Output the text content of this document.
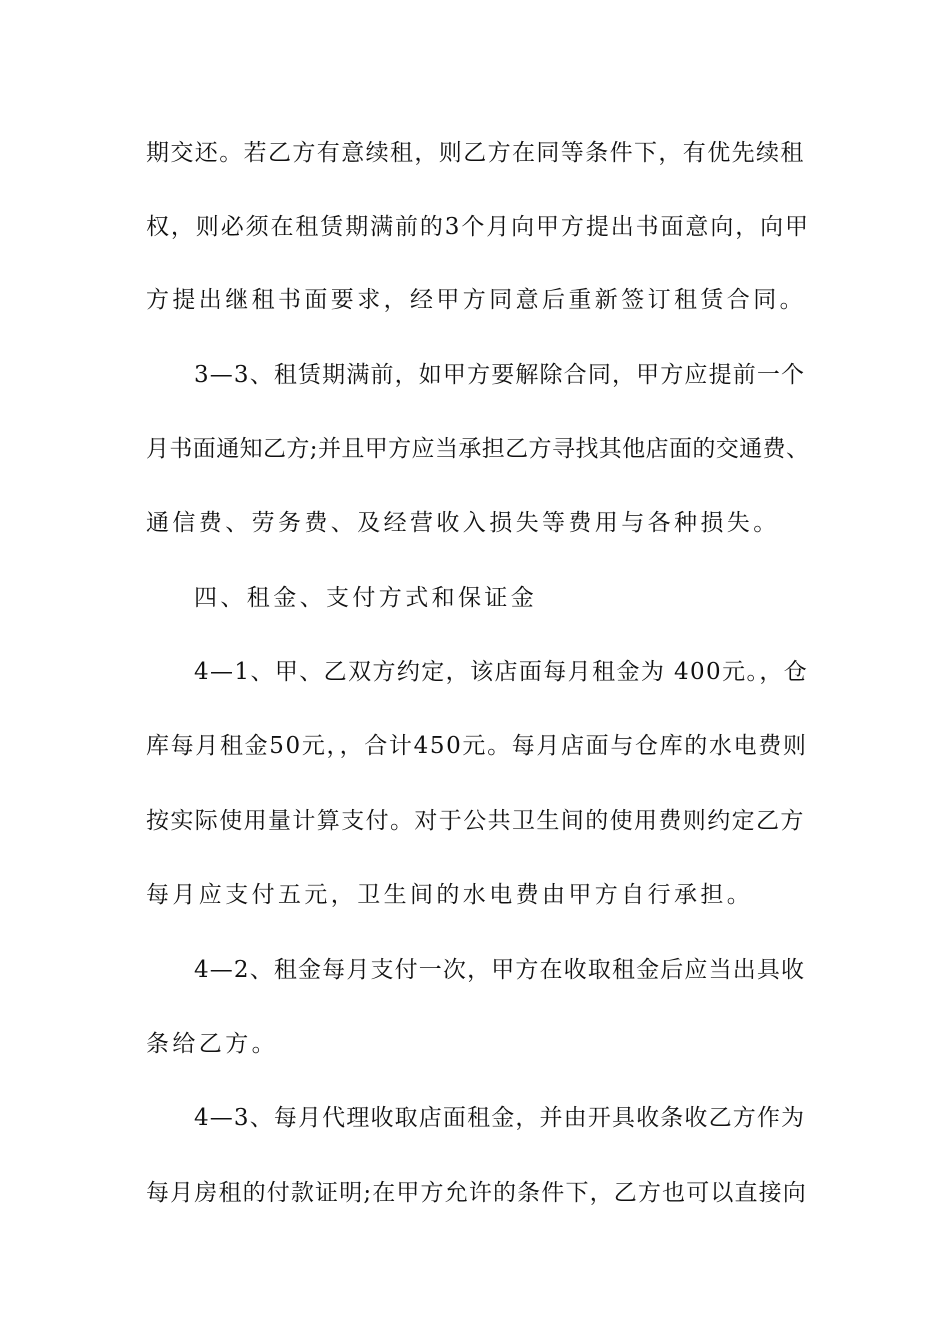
期交还。若乙方有意续租，则乙方在同等条件下，有优先续租
权，则必须在租赁期满前的3个月向甲方提出书面意向，向甲
方提出继租书面要求，经甲方同意后重新签订租赁合同。
3—3、租赁期满前，如甲方要解除合同，甲方应提前一个
月书面通知乙方;并且甲方应当承担乙方寻找其他店面的交通费、
通信费、劳务费、及经营收入损失等费用与各种损失。
四、租金、支付方式和保证金
4—1、甲、乙双方约定，该店面每月租金为 400元。，仓
库每月租金50元，，合计450元。每月店面与仓库的水电费则
按实际使用量计算支付。对于公共卫生间的使用费则约定乙方
每月应支付五元，卫生间的水电费由甲方自行承担。
4—2、租金每月支付一次，甲方在收取租金后应当出具收
条给乙方。
4—3、每月代理收取店面租金，并由开具收条收乙方作为
每月房租的付款证明;在甲方允许的条件下，乙方也可以直接向
